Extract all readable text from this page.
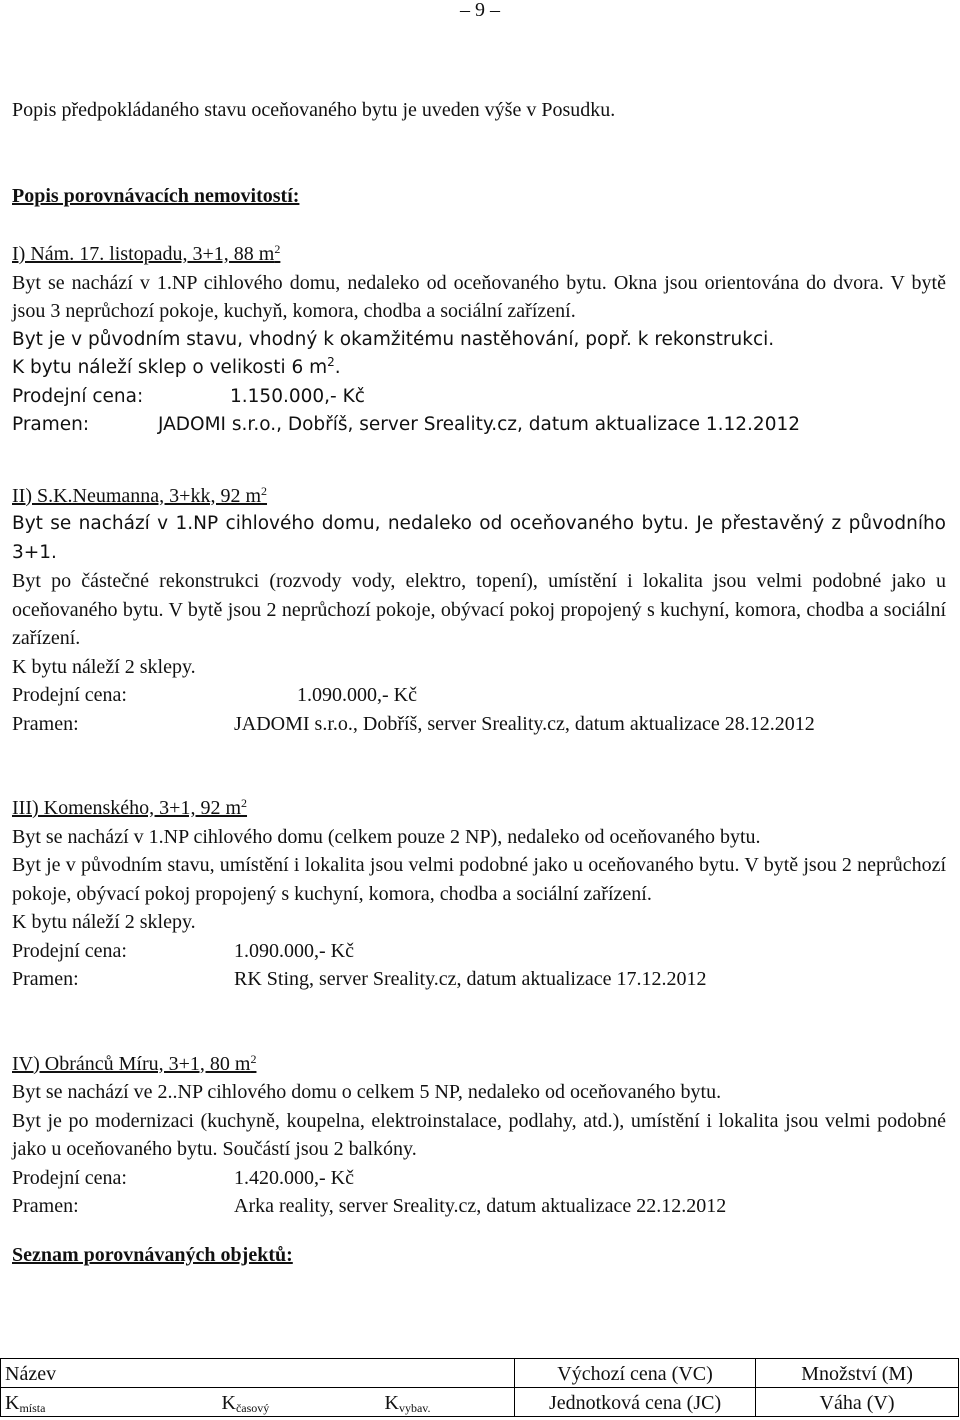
– 9 –

Popis předpokládaného stavu oceňovaného bytu je uveden výše v Posudku.

Popis porovnávacích nemovitostí:

I) Nám. 17. listopadu, 3+1, 88 $m^2$

Byt se nachází v 1.NP cihlového domu, nedaleko od oceňovaného bytu. Okna jsou orientována do dvora. V bytě jsou 3 neprůchozí pokoje, kuchyň, komora, chodba a sociální zařízení.

Byt je v původním stavu, vhodný k okamžitému nastěhování, popř. k rekonstrukci.

K bytu náleží sklep o velikosti 6 $m^2$.

Prodejní cena:	1.150.000,- Kč
Pramen:	JADOMI s.r.o., Dobříš, server Sreality.cz, datum aktualizace 1.12.2012

II) S.K.Neumanna, 3+kk, 92 $m^2$

Byt se nachází v 1.NP cihlového domu, nedaleko od oceňovaného bytu. Je přestavěný z původního 3+1.

Byt po částečné rekonstrukci (rozvody vody, elektro, topení), umístění i lokalita jsou velmi podobné jako u oceňovaného bytu. V bytě jsou 2 neprůchozí pokoje, obývací pokoj propojený s kuchyní, komora, chodba a sociální zařízení.

K bytu náleží 2 sklepy.

Prodejní cena:	1.090.000,- Kč
Pramen:	JADOMI s.r.o., Dobříš, server Sreality.cz, datum aktualizace 28.12.2012

III) Komenského, 3+1, 92 $m^2$

Byt se nachází v 1.NP cihlového domu (celkem pouze 2 NP), nedaleko od oceňovaného bytu.

Byt je v původním stavu, umístění i lokalita jsou velmi podobné jako u oceňovaného bytu. V bytě jsou 2 neprůchozí pokoje, obývací pokoj propojený s kuchyní, komora, chodba a sociální zařízení.

K bytu náleží 2 sklepy.

Prodejní cena:	1.090.000,- Kč
Pramen:	RK Sting, server Sreality.cz, datum aktualizace 17.12.2012

IV) Obránců Míru, 3+1, 80 $m^2$

Byt se nachází ve 2..NP cihlového domu o celkem 5 NP, nedaleko od oceňovaného bytu.

Byt je po modernizaci (kuchyně, koupelna, elektroinstalace, podlahy, atd.), umístění i lokalita jsou velmi podobné jako u oceňovaného bytu. Součástí jsou 2 balkóny.

Prodejní cena:	1.420.000,- Kč
Pramen:	Arka reality, server Sreality.cz, datum aktualizace 22.12.2012

Seznam porovnávaných objektů:

Název			Výchozí cena (VC)	Množství (M)
$K_{místa}$	$K_{časový}$	$K_{vybav.}$	Jednotková cena (JC)	Váha (V)
